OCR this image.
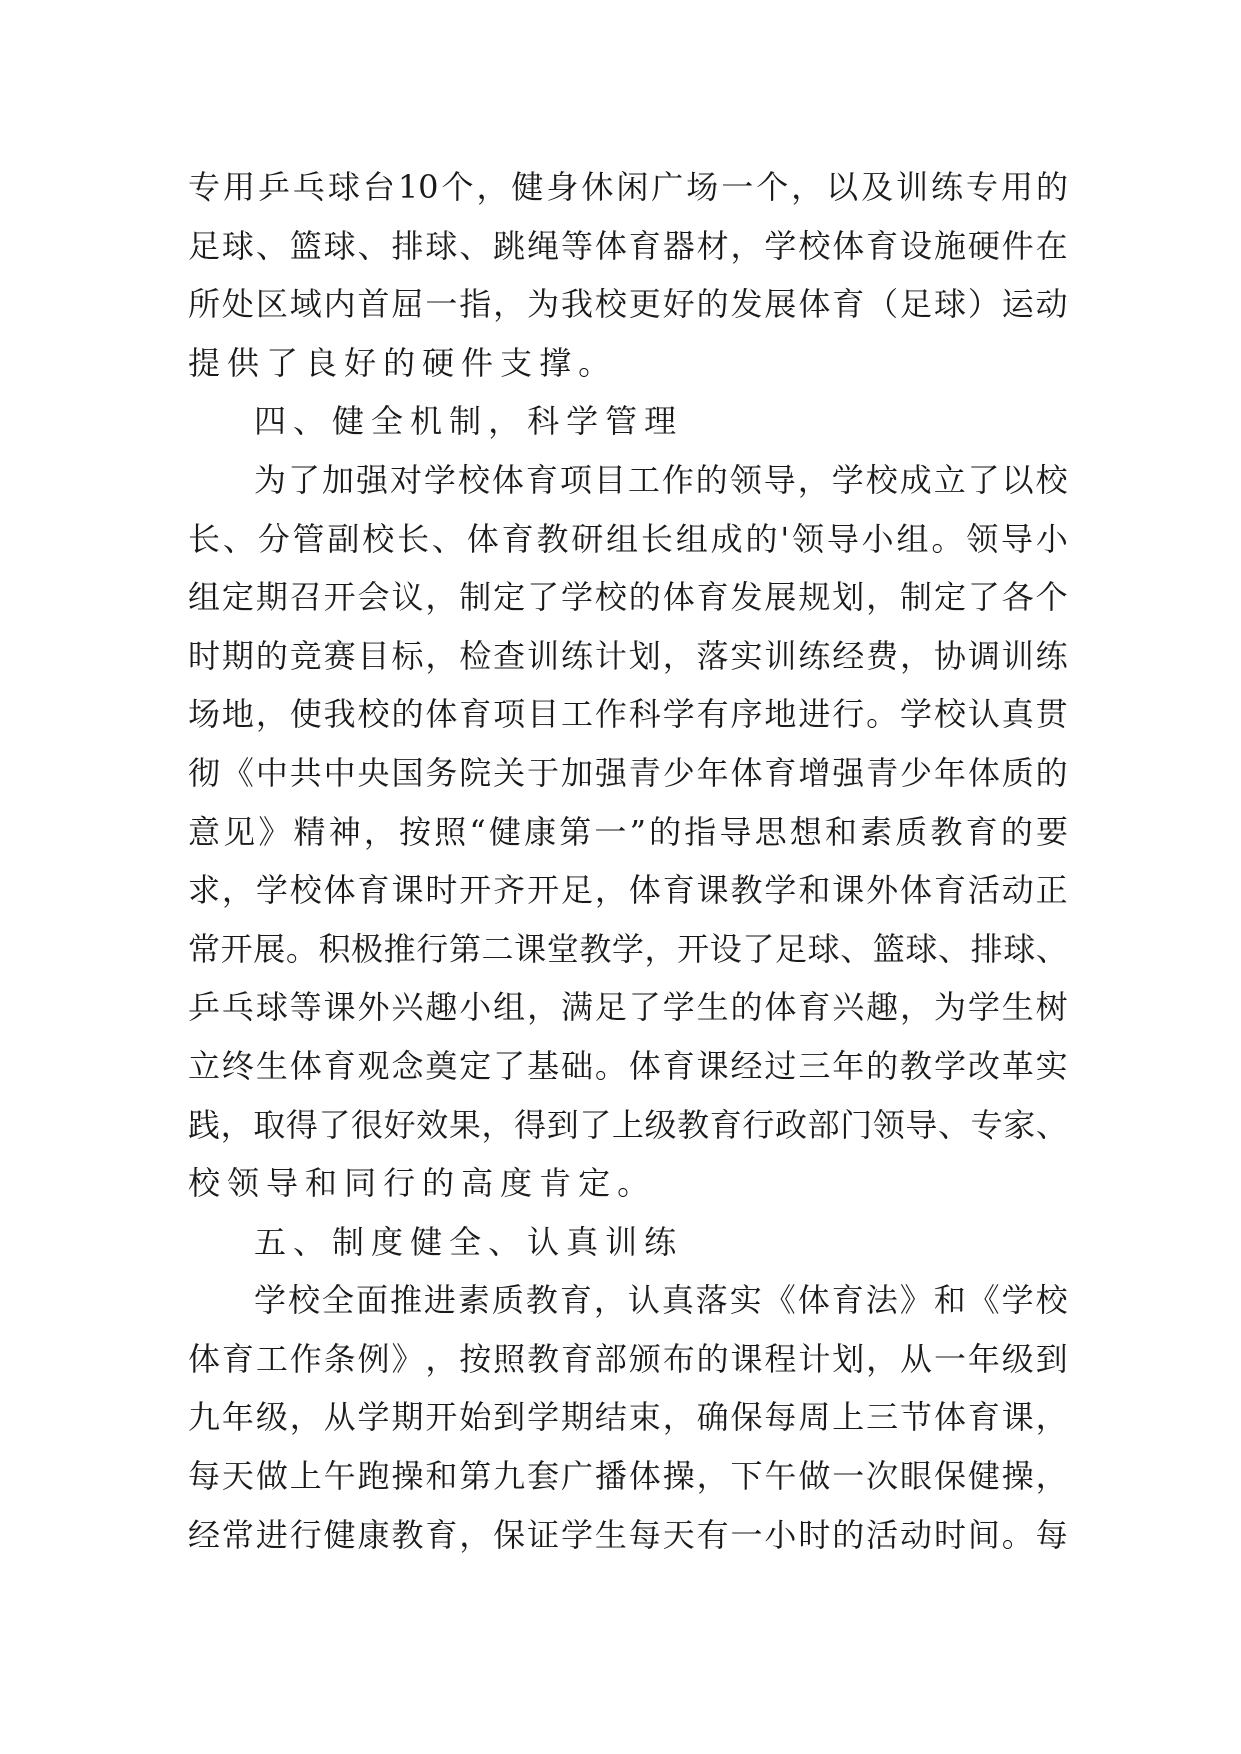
专 用 乒 乓 球 台 10 个 ， 健 身 休 闲 广 场 一 个 ， 以 及 训 练 专 用 的
足 球 、 篮 球 、 排 球 、 跳 绳 等 体 育 器 材 ， 学 校 体 育 设 施 硬 件 在
所 处 区 域 内 首 屈 一 指 ， 为 我 校 更 好 的 发 展 体 育 （ 足 球 ） 运 动
提 供 了 良 好 的 硬 件 支 撑 。
四 、 健 全 机 制 ， 科 学 管 理
为 了 加 强 对 学 校 体 育 项 目 工 作 的 领 导 ， 学 校 成 立 了 以 校
长 、 分 管 副 校 长 、 体 育 教 研 组 长 组 成 的 ' 领 导 小 组 。 领 导 小
组 定 期 召 开 会 议 ， 制 定 了 学 校 的 体 育 发 展 规 划 ， 制 定 了 各 个
时 期 的 竞 赛 目 标 ， 检 查 训 练 计 划 ， 落 实 训 练 经 费 ， 协 调 训 练
场 地 ， 使 我 校 的 体 育 项 目 工 作 科 学 有 序 地 进 行 。 学 校 认 真 贯
彻 《 中 共 中 央 国 务 院 关 于 加 强 青 少 年 体 育 增 强 青 少 年 体 质 的
意 见 》 精 神 ， 按 照 “ 健 康 第 一 ” 的 指 导 思 想 和 素 质 教 育 的 要
求 ， 学 校 体 育 课 时 开 齐 开 足 ， 体 育 课 教 学 和 课 外 体 育 活 动 正
常 开 展 。 积 极 推 行 第 二 课 堂 教 学 ， 开 设 了 足 球 、 篮 球 、 排 球 、
乒 乓 球 等 课 外 兴 趣 小 组 ， 满 足 了 学 生 的 体 育 兴 趣 ， 为 学 生 树
立 终 生 体 育 观 念 奠 定 了 基 础 。 体 育 课 经 过 三 年 的 教 学 改 革 实
践 ， 取 得 了 很 好 效 果 ， 得 到 了 上 级 教 育 行 政 部 门 领 导 、 专 家 、
校 领 导 和 同 行 的 高 度 肯 定 。
五 、 制 度 健 全 、 认 真 训 练
学 校 全 面 推 进 素 质 教 育 ， 认 真 落 实 《 体 育 法 》 和 《 学 校
体 育 工 作 条 例 》 ， 按 照 教 育 部 颁 布 的 课 程 计 划 ， 从 一 年 级 到
九 年 级 ， 从 学 期 开 始 到 学 期 结 束 ， 确 保 每 周 上 三 节 体 育 课 ，
每 天 做 上 午 跑 操 和 第 九 套 广 播 体 操 ， 下 午 做 一 次 眼 保 健 操 ，
经 常 进 行 健 康 教 育 ， 保 证 学 生 每 天 有 一 小 时 的 活 动 时 间 。 每
